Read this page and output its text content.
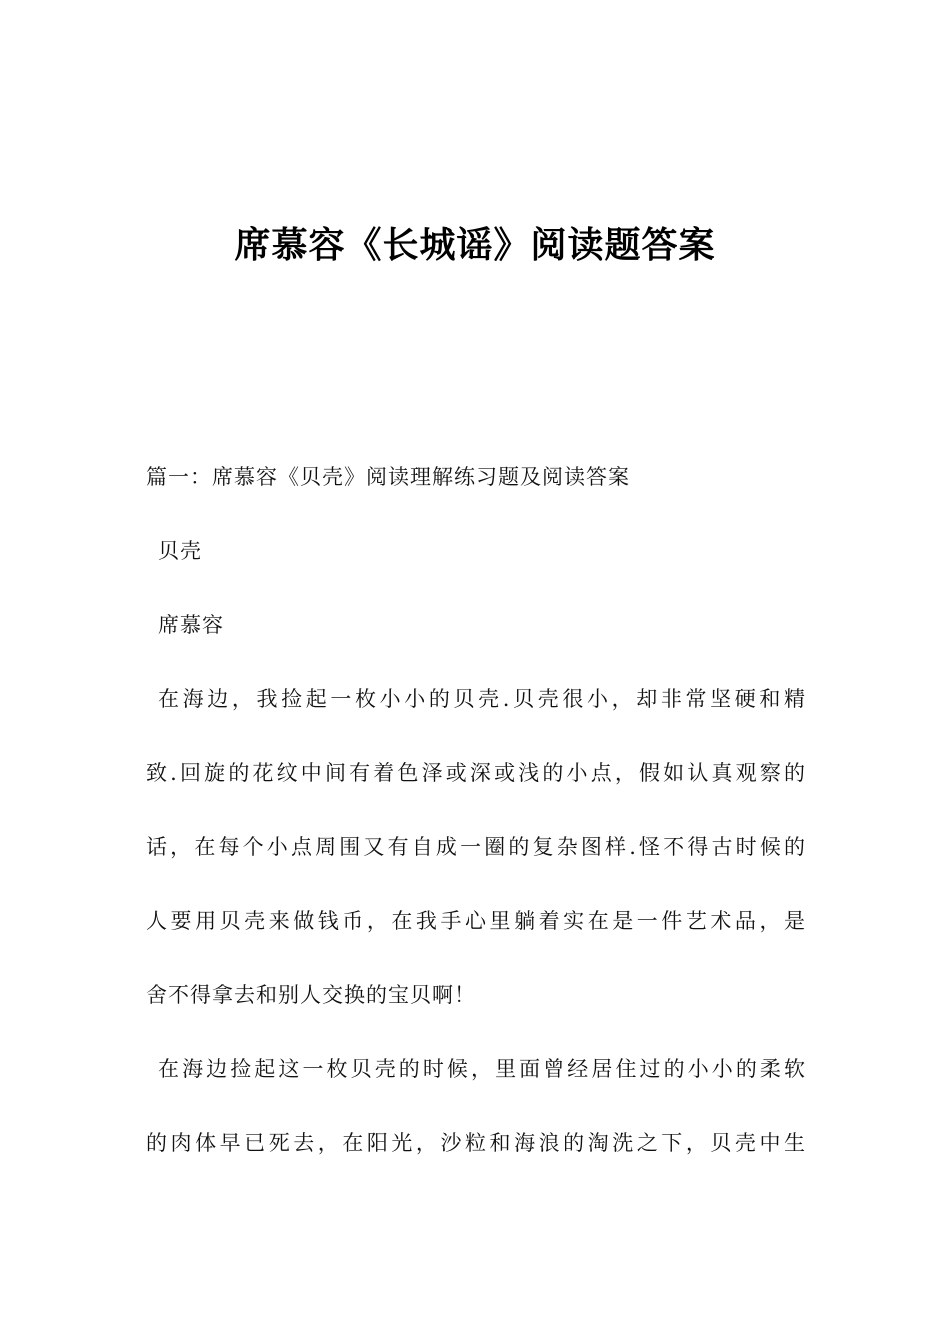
席慕容《长城谣》阅读题答案
篇一：席慕容《贝壳》阅读理解练习题及阅读答案
贝壳
席慕容
在海边，我捡起一枚小小的贝壳.贝壳很小，却非常坚硬和精
致.回旋的花纹中间有着色泽或深或浅的小点，假如认真观察的
话，在每个小点周围又有自成一圈的复杂图样.怪不得古时候的
人要用贝壳来做钱币，在我手心里躺着实在是一件艺术品，是
舍不得拿去和别人交换的宝贝啊！
在海边捡起这一枚贝壳的时候，里面曾经居住过的小小的柔软
的肉体早已死去，在阳光，沙粒和海浪的淘洗之下，贝壳中生
